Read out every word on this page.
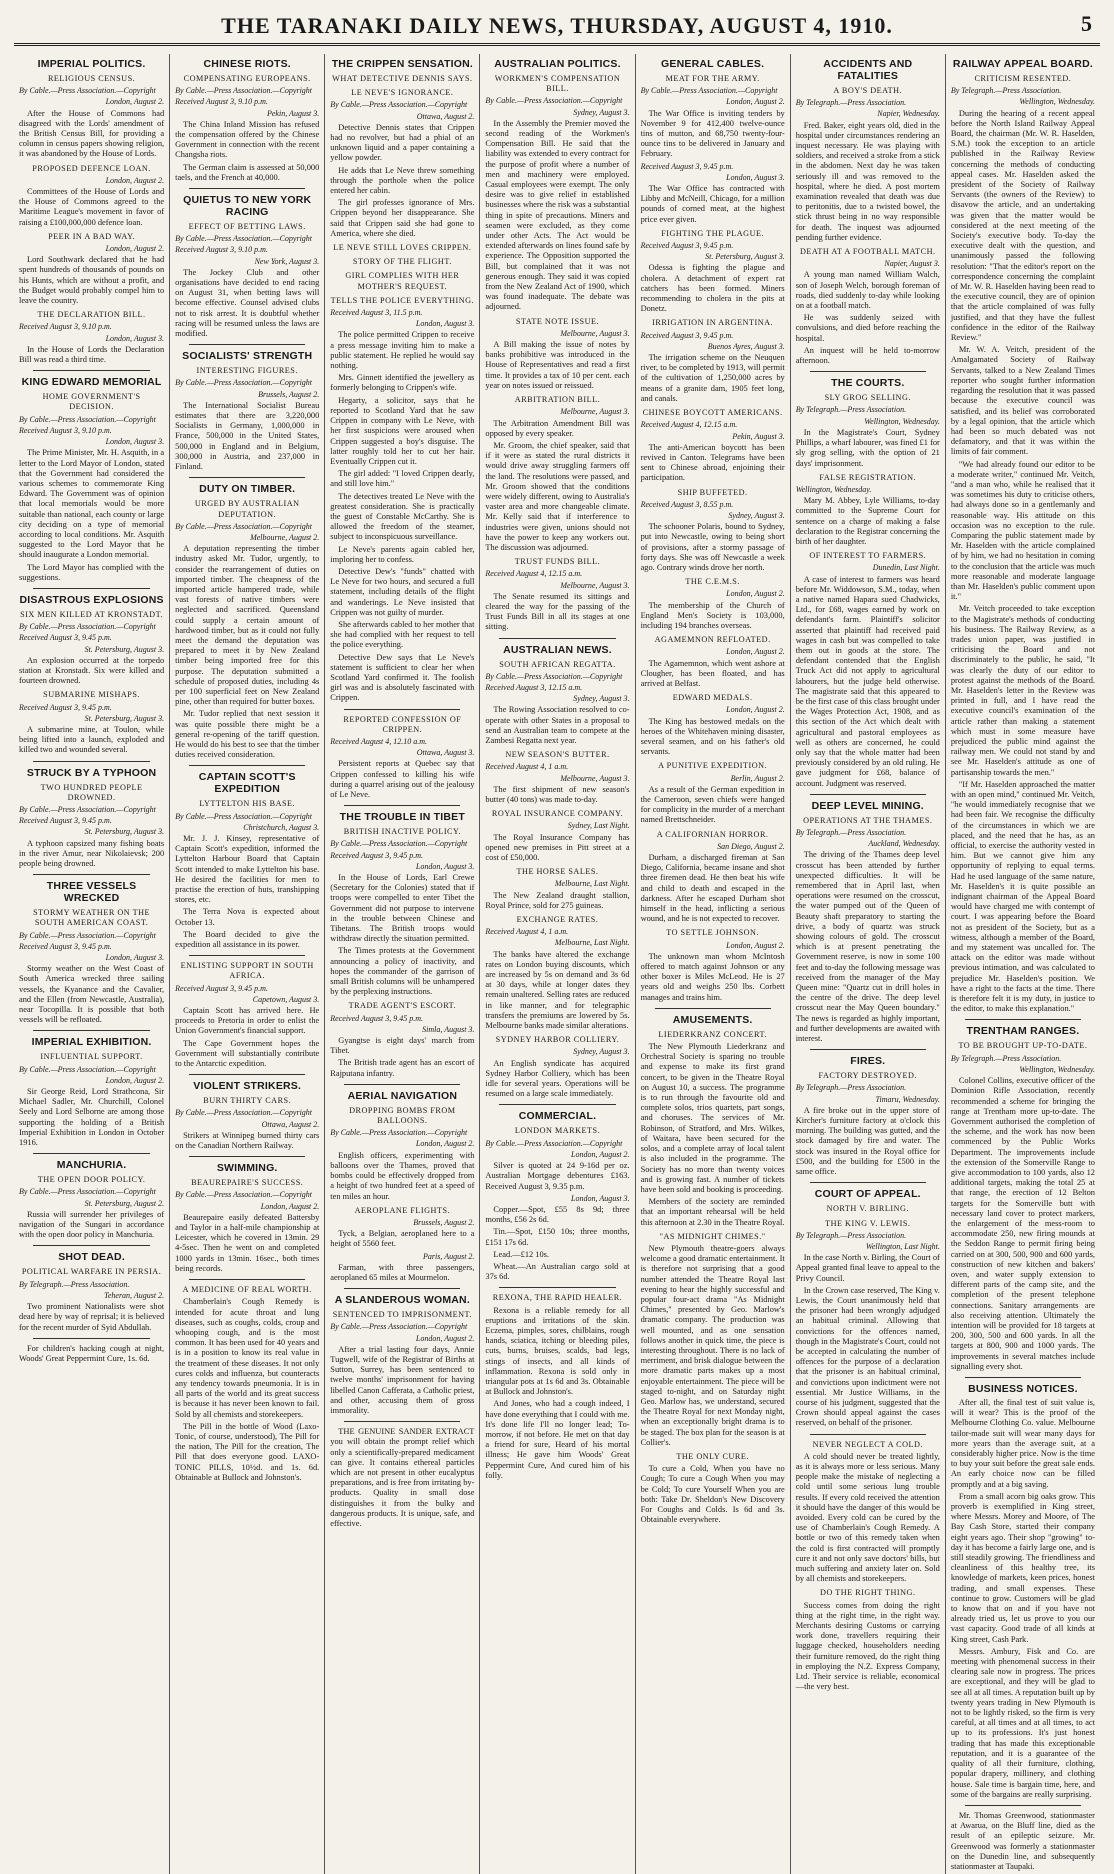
THE TARANAKI DAILY NEWS, THURSDAY, AUGUST 4, 1910.	5
IMPERIAL POLITICS.
RELIGIOUS CENSUS.
By Cable.—Press Association.—Copyright
London, August 2.
After the House of Commons had disagreed with the Lords' amendment of the British Census Bill, for providing a column in census papers showing religion, it was abandoned by the House of Lords.
PROPOSED DEFENCE LOAN.
London, August 2.
Committees of the House of Lords and the House of Commons agreed to the Maritime League's movement in favor of raising a £100,000,000 defence loan.
PEER IN A BAD WAY.
London, August 2.
Lord Southwark declared that he had spent hundreds of thousands of pounds on his Hunts, which are without a profit, and the Budget would probably compel him to leave the country.
THE DECLARATION BILL.
Received August 3, 9.10 p.m.
London, August 3.
In the House of Lords the Declaration Bill was read a third time.
KING EDWARD MEMORIAL
HOME GOVERNMENT'S DECISION.
By Cable.—Press Association.—Copyright
Received August 3, 9.10 p.m.
London, August 3.
The Prime Minister, Mr. H. Asquith, in a letter to the Lord Mayor of London, stated that the Government had considered the various schemes to commemorate King Edward. The Government was of opinion that local memorials would be more suitable than national, each county or large city deciding on a type of memorial according to local conditions. Mr. Asquith suggested to the Lord Mayor that he should inaugurate a London memorial.
The Lord Mayor has complied with the suggestions.
DISASTROUS EXPLOSIONS
SIX MEN KILLED AT KRONSTADT.
By Cable.—Press Association.—Copyright
Received August 3, 9.45 p.m.
St. Petersburg, August 3.
An explosion occurred at the torpedo station at Kronstadt. Six were killed and fourteen drowned.
SUBMARINE MISHAPS.
Received August 3, 9.45 p.m.
St. Petersburg, August 3.
A submarine mine, at Toulon, while being lifted into a launch, exploded and killed two and wounded several.
STRUCK BY A TYPHOON
TWO HUNDRED PEOPLE DROWNED.
By Cable.—Press Association.—Copyright
Received August 3, 9.45 p.m.
St. Petersburg, August 3.
A typhoon capsized many fishing boats in the river Amur, near Nikolaievsk; 200 people being drowned.
THREE VESSELS WRECKED
STORMY WEATHER ON THE SOUTH AMERICAN COAST.
By Cable.—Press Association.—Copyright
Received August 3, 9.45 p.m.
London, August 3.
Stormy weather on the West Coast of South America wrecked three sailing vessels, the Kyanance and the Cavalier, and the Ellen (from Newcastle, Australia), near Tocopilla. It is possible that both vessels will be refloated.
IMPERIAL EXHIBITION.
INFLUENTIAL SUPPORT.
By Cable.—Press Association.—Copyright
London, August 2.
Sir George Reid, Lord Strathcona, Sir Michael Sadler, Mr. Churchill, Colonel Seely and Lord Selborne are among those supporting the holding of a British Imperial Exhibition in London in October 1916.
MANCHURIA.
THE OPEN DOOR POLICY.
By Cable.—Press Association.—Copyright
St. Petersburg, August 2.
Russia will surrender her privileges of navigation of the Sungari in accordance with the open door policy in Manchuria.
SHOT DEAD.
POLITICAL WARFARE IN PERSIA.
By Telegraph.—Press Association.
Teheran, August 2.
Two prominent Nationalists were shot dead here by way of reprisal; it is believed for the recent murder of Syid Abdullah.
For children's hacking cough at night, Woods' Great Peppermint Cure, 1s. 6d.
CHINESE RIOTS.
COMPENSATING EUROPEANS.
By Cable.—Press Association.—Copyright
Received August 3, 9.10 p.m.
Pekin, August 3.
The China Inland Mission has refused the compensation offered by the Chinese Government in connection with the recent Changsha riots.
The German claim is assessed at 50,000 taels, and the French at 40,000.
QUIETUS TO NEW YORK RACING
EFFECT OF BETTING LAWS.
By Cable.—Press Association.—Copyright
Received August 3, 9.10 p.m.
New York, August 3.
The Jockey Club and other organisations have decided to end racing on August 31, when betting laws will become effective. Counsel advised clubs not to risk arrest. It is doubtful whether racing will be resumed unless the laws are modified.
SOCIALISTS' STRENGTH
INTERESTING FIGURES.
By Cable.—Press Association.—Copyright
Brussels, August 2.
The International Socialist Bureau estimates that there are 3,220,000 Socialists in Germany, 1,000,000 in France, 500,000 in the United States, 500,000 in England and in Belgium, 300,000 in Austria, and 237,000 in Finland.
DUTY ON TIMBER.
URGED BY AUSTRALIAN DEPUTATION.
By Cable.—Press Association.—Copyright
Melbourne, August 2.
A deputation representing the timber industry asked Mr. Tudor, urgently, to consider the rearrangement of duties on imported timber. The cheapness of the imported article hampered trade, while vast forests of native timbers were neglected and sacrificed. Queensland could supply a certain amount of hardwood timber, but as it could not fully meet the demand the deputation was prepared to meet it by New Zealand timber being imported free for this purpose. The deputation submitted a schedule of proposed duties, including 4s per 100 superficial feet on New Zealand pine, other than required for butter boxes.
Mr. Tudor replied that next session it was quite possible there might be a general re-opening of the tariff question. He would do his best to see that the timber duties received consideration.
CAPTAIN SCOTT'S EXPEDITION
LYTTELTON HIS BASE.
By Cable.—Press Association.—Copyright
Christchurch, August 3.
Mr. J. J. Kinsey, representative of Captain Scott's expedition, informed the Lyttelton Harbour Board that Captain Scott intended to make Lyttelton his base. He desired the facilities for men to practise the erection of huts, transhipping stores, etc.
The Terra Nova is expected about October 13.
The Board decided to give the expedition all assistance in its power.
ENLISTING SUPPORT IN SOUTH AFRICA.
Received August 3, 9.45 p.m.
Capetown, August 3.
Captain Scott has arrived here. He proceeds to Pretoria in order to enlist the Union Government's financial support.
The Cape Government hopes the Government will substantially contribute to the Antarctic expedition.
VIOLENT STRIKERS.
BURN THIRTY CARS.
By Cable.—Press Association.—Copyright
Ottawa, August 2.
Strikers at Winnipeg burned thirty cars on the Canadian Northern Railway.
SWIMMING.
BEAUREPAIRE'S SUCCESS.
By Cable.—Press Association.—Copyright
London, August 2.
Beaurepaire easily defeated Battersby and Taylor in a half-mile championship at Leicester, which he covered in 13min. 29 4-5sec. Then he went on and completed 1000 yards in 13min. 16sec., both times being records.
A MEDICINE OF REAL WORTH.
Chamberlain's Cough Remedy is intended for acute throat and lung diseases, such as coughs, colds, croup and whooping cough, and is the most common. It has been used for 40 years and is in a position to know its real value in the treatment of these diseases. It not only cures colds and influenza, but counteracts any tendency towards pneumonia. It is in all parts of the world and its great success is because it has never been known to fail. Sold by all chemists and storekeepers.
The Pill in the bottle of Wood (Laxo-Tonic, of course, understood), The Pill for the nation, The Pill for the creation, The Pill that does everyone good. LAXO-TONIC PILLS, 10½d. and 1s. 6d. Obtainable at Bullock and Johnston's.
THE CRIPPEN SENSATION.
WHAT DETECTIVE DENNIS SAYS.
LE NEVE'S IGNORANCE.
By Cable.—Press Association.—Copyright
Ottawa, August 2.
Detective Dennis states that Crippen had no revolver, but had a phial of an unknown liquid and a paper containing a yellow powder.
He adds that Le Neve threw something through the porthole when the police entered her cabin.
The girl professes ignorance of Mrs. Crippen beyond her disappearance. She said that Crippen said she had gone to America, where she died.
LE NEVE STILL LOVES CRIPPEN.
STORY OF THE FLIGHT.
GIRL COMPLIES WITH HER MOTHER'S REQUEST.
TELLS THE POLICE EVERYTHING.
Received August 3, 11.5 p.m.
London, August 3.
The police permitted Crippen to receive a press message inviting him to make a public statement. He replied he would say nothing.
Mrs. Ginnett identified the jewellery as formerly belonging to Crippen's wife.
Hegarty, a solicitor, says that he reported to Scotland Yard that he saw Crippen in company with Le Neve, with her first suspicions were aroused when Crippen suggested a boy's disguise. The latter roughly told her to cut her hair. Eventually Crippen cut it.
The girl added: "I loved Crippen dearly, and still love him."
The detectives treated Le Neve with the greatest consideration. She is practically the guest of Constable McCarthy. She is allowed the freedom of the steamer, subject to inconspicuous surveillance.
Le Neve's parents again cabled her, imploring her to confess.
Detective Dew's "funds" chatted with Le Neve for two hours, and secured a full statement, including details of the flight and wanderings. Le Neve insisted that Crippen was not guilty of murder.
She afterwards cabled to her mother that she had complied with her request to tell the police everything.
Detective Dew says that Le Neve's statement is sufficient to clear her when Scotland Yard confirmed it. The foolish girl was and is absolutely fascinated with Crippen.
REPORTED CONFESSION OF CRIPPEN.
Received August 4, 12.10 a.m.
Ottawa, August 3.
Persistent reports at Quebec say that Crippen confessed to killing his wife during a quarrel arising out of the jealousy of Le Neve.
THE TROUBLE IN TIBET
BRITISH INACTIVE POLICY.
By Cable.—Press Association.—Copyright
Received August 3, 9.45 p.m.
London, August 3.
In the House of Lords, Earl Crewe (Secretary for the Colonies) stated that if troops were compelled to enter Tibet the Government did not purpose to intervene in the trouble between Chinese and Tibetans. The British troops would withdraw directly the situation permitted.
The Times protests at the Government announcing a policy of inactivity, and hopes the commander of the garrison of small British columns will be unhampered by the perplexing instructions.
TRADE AGENT'S ESCORT.
Received August 3, 9.45 p.m.
Simla, August 3.
Gyangtse is eight days' march from Tibet.
The British trade agent has an escort of Rajputana infantry.
AERIAL NAVIGATION
DROPPING BOMBS FROM BALLOONS.
By Cable.—Press Association.—Copyright
London, August 2.
English officers, experimenting with balloons over the Thames, proved that bombs could be effectively dropped from a height of two hundred feet at a speed of ten miles an hour.
AEROPLANE FLIGHTS.
Brussels, August 2.
Tyck, a Belgian, aeroplaned here to a height of 5560 feet.
Paris, August 2.
Farman, with three passengers, aeroplaned 65 miles at Mourmelon.
A SLANDEROUS WOMAN.
SENTENCED TO IMPRISONMENT.
By Cable.—Press Association.—Copyright
London, August 2.
After a trial lasting four days, Annie Tugwell, wife of the Registrar of Births at Sutton, Surrey, has been sentenced to twelve months' imprisonment for having libelled Canon Cafferata, a Catholic priest, and other, accusing them of gross immorality.
THE GENUINE SANDER EXTRACT you will obtain the prompt relief which only a scientifically-prepared medicament can give. It contains ethereal particles which are not present in other eucalyptus preparations, and is free from irritating by-products. Quality in small dose distinguishes it from the bulky and dangerous products. It is unique, safe, and effective.
AUSTRALIAN POLITICS.
WORKMEN'S COMPENSATION BILL.
By Cable.—Press Association.—Copyright
Sydney, August 3.
In the Assembly the Premier moved the second reading of the Workmen's Compensation Bill. He said that the liability was extended to every contract for the purpose of profit where a number of men and machinery were employed. Casual employees were exempt. The only desire was to give relief in established businesses where the risk was a substantial thing in spite of precautions. Miners and seamen were excluded, as they come under other Acts. The Act would be extended afterwards on lines found safe by experience. The Opposition supported the Bill, but complained that it was not generous enough. They said it was copied from the New Zealand Act of 1900, which was found inadequate. The debate was adjourned.
STATE NOTE ISSUE.
Melbourne, August 3.
A Bill making the issue of notes by banks prohibitive was introduced in the House of Representatives and read a first time. It provides a tax of 10 per cent. each year on notes issued or reissued.
ARBITRATION BILL.
Melbourne, August 3.
The Arbitration Amendment Bill was opposed by every speaker.
Mr. Groom, the chief speaker, said that if it were as stated the rural districts it would drive away struggling farmers off the land. The resolutions were passed, and Mr. Groom showed that the conditions were widely different, owing to Australia's vaster area and more changeable climate. Mr. Kelly said that if interference to industries were given, unions should not have the power to keep any workers out. The discussion was adjourned.
TRUST FUNDS BILL.
Received August 4, 12.15 a.m.
Melbourne, August 3.
The Senate resumed its sittings and cleared the way for the passing of the Trust Funds Bill in all its stages at one sitting.
AUSTRALIAN NEWS.
SOUTH AFRICAN REGATTA.
By Cable.—Press Association.—Copyright
Received August 3, 12.15 a.m.
Sydney, August 3.
The Rowing Association resolved to co-operate with other States in a proposal to send an Australian team to compete at the Zambesi Regatta next year.
NEW SEASON'S BUTTER.
Received August 4, 1 a.m.
Melbourne, August 3.
The first shipment of new season's butter (40 tons) was made to-day.
ROYAL INSURANCE COMPANY.
Sydney, Last Night.
The Royal Insurance Company has opened new premises in Pitt street at a cost of £50,000.
THE HORSE SALES.
Melbourne, Last Night.
The New Zealand draught stallion, Royal Prince, sold for 275 guineas.
EXCHANGE RATES.
Received August 4, 1 a.m.
Melbourne, Last Night.
The banks have altered the exchange rates on London buying discounts, which are increased by 5s on demand and 3s 6d at 30 days, while at longer dates they remain unaltered. Selling rates are reduced in like manner, and for telegraphic transfers the premiums are lowered by 5s. Melbourne banks made similar alterations.
SYDNEY HARBOR COLLIERY.
Sydney, August 3.
An English syndicate has acquired Sydney Harbor Colliery, which has been idle for several years. Operations will be resumed on a large scale immediately.
COMMERCIAL.
LONDON MARKETS.
By Cable.—Press Association.—Copyright
London, August 2.
Silver is quoted at 24 9-16d per oz. Australian Mortgage debentures £163. Received August 3, 9.35 p.m.
London, August 3.
Copper.—Spot, £55 8s 9d; three months, £56 2s 6d.
Tin.—Spot, £150 10s; three months, £151 17s 6d.
Lead.—£12 10s.
Wheat.—An Australian cargo sold at 37s 6d.
REXONA, THE RAPID HEALER.
Rexona is a reliable remedy for all eruptions and irritations of the skin. Eczema, pimples, sores, chilblains, rough hands, sciatica, itching or bleeding piles, cuts, burns, bruises, scalds, bad legs, stings of insects, and all kinds of inflammation. Rexona is sold only in triangular pots at 1s 6d and 3s. Obtainable at Bullock and Johnston's.
And Jones, who had a cough indeed, I have done everything that I could with me. It's done life I'll no longer lead; To-morrow, if not before. He met on that day a friend for sure, Heard of his mortal illness; He gave him Woods' Great Peppermint Cure, And cured him of his folly.
GENERAL CABLES.
MEAT FOR THE ARMY.
By Cable.—Press Association.—Copyright
London, August 2.
The War Office is inviting tenders by November 9 for 412,400 twelve-ounce tins of mutton, and 68,750 twenty-four-ounce tins to be delivered in January and February.
Received August 3, 9.45 p.m.
London, August 3.
The War Office has contracted with Libby and McNeill, Chicago, for a million pounds of corned meat, at the highest price ever given.
FIGHTING THE PLAGUE.
Received August 3, 9.45 p.m.
St. Petersburg, August 3.
Odessa is fighting the plague and cholera. A detachment of expert rat catchers has been formed. Miners recommending to cholera in the pits at Donetz.
IRRIGATION IN ARGENTINA.
Received August 3, 9.45 p.m.
Buenos Ayres, August 3.
The irrigation scheme on the Neuquen river, to be completed by 1913, will permit of the cultivation of 1,250,000 acres by means of a granite dam, 1905 feet long, and canals.
CHINESE BOYCOTT AMERICANS.
Received August 4, 12.15 a.m.
Pekin, August 3.
The anti-American boycott has been revived in Canton. Telegrams have been sent to Chinese abroad, enjoining their participation.
SHIP BUFFETED.
Received August 3, 8.55 p.m.
Sydney, August 3.
The schooner Polaris, bound to Sydney, put into Newcastle, owing to being short of provisions, after a stormy passage of forty days. She was off Newcastle a week ago. Contrary winds drove her north.
THE C.E.M.S.
London, August 2.
The membership of the Church of England Men's Society is 103,000, including 194 branches overseas.
AGAMEMNON REFLOATED.
London, August 2.
The Agamemnon, which went ashore at Clougher, has been floated, and has arrived at Belfast.
EDWARD MEDALS.
London, August 2.
The King has bestowed medals on the heroes of the Whitehaven mining disaster, several seamen, and on his father's old servants.
A PUNITIVE EXPEDITION.
Berlin, August 2.
As a result of the German expedition in the Cameroon, seven chiefs were hanged for complicity in the murder of a merchant named Brettschneider.
A CALIFORNIAN HORROR.
San Diego, August 2.
Durham, a discharged fireman at San Diego, California, became insane and shot three firemen dead. He then beat his wife and child to death and escaped in the darkness. After he escaped Durham shot himself in the head, inflicting a serious wound, and he is not expected to recover.
TO SETTLE JOHNSON.
London, August 2.
The unknown man whom McIntosh offered to match against Johnson or any other boxer is Miles McLeod. He is 27 years old and weighs 250 lbs. Corbett manages and trains him.
AMUSEMENTS.
LIEDERKRANZ CONCERT.
The New Plymouth Liederkranz and Orchestral Society is sparing no trouble and expense to make its first grand concert, to be given in the Theatre Royal on August 10, a success. The programme is to run through the favourite old and complete solos, trios quartets, part songs, and choruses. The services of Mr. Robinson, of Stratford, and Mrs. Wilkes, of Waitara, have been secured for the solos, and a complete array of local talent is also included in the programme. The Society has no more than twenty voices and is growing fast. A number of tickets have been sold and booking is proceeding.
Members of the society are reminded that an important rehearsal will be held this afternoon at 2.30 in the Theatre Royal.
"AS MIDNIGHT CHIMES."
New Plymouth theatre-goers always welcome a good dramatic entertainment. It is therefore not surprising that a good number attended the Theatre Royal last evening to hear the highly successful and popular four-act drama "As Midnight Chimes," presented by Geo. Marlow's dramatic company. The production was well mounted, and as one sensation follows another in quick time, the piece is interesting throughout. There is no lack of merriment, and brisk dialogue between the more dramatic parts makes up a most enjoyable entertainment. The piece will be staged to-night, and on Saturday night Geo. Marlow has, we understand, secured the Theatre Royal for next Monday night, when an exceptionally bright drama is to be staged. The box plan for the season is at Collier's.
THE ONLY CURE.
To cure a Cold, When you have no Cough; To cure a Cough When you may be Cold; To cure Yourself When you are both: Take Dr. Sheldon's New Discovery For Coughs and Colds. Is 6d and 3s. Obtainable everywhere.
ACCIDENTS AND FATALITIES
A BOY'S DEATH.
By Telegraph.—Press Association.
Napier, Wednesday.
Fred. Baker, eight years old, died in the hospital under circumstances rendering an inquest necessary. He was playing with soldiers, and received a stroke from a stick in the abdomen. Next day he was taken seriously ill and was removed to the hospital, where he died. A post mortem examination revealed that death was due to peritonitis, due to a twisted bowel, the stick thrust being in no way responsible for death. The inquest was adjourned pending further evidence.
DEATH AT A FOOTBALL MATCH.
Napier, August 3.
A young man named William Walch, son of Joseph Welch, borough foreman of roads, died suddenly to-day while looking on at a football match.
He was suddenly seized with convulsions, and died before reaching the hospital.
An inquest will be held to-morrow afternoon.
THE COURTS.
SLY GROG SELLING.
By Telegraph.—Press Association.
Wellington, Wednesday.
In the Magistrate's Court, Sydney Phillips, a wharf labourer, was fined £1 for sly grog selling, with the option of 21 days' imprisonment.
FALSE REGISTRATION.
Wellington, Wednesday.
Mary M. Abbey, Lyle Williams, to-day committed to the Supreme Court for sentence on a charge of making a false declaration to the Registrar concerning the birth of her daughter.
OF INTEREST TO FARMERS.
Dunedin, Last Night.
A case of interest to farmers was heard before Mr. Widdowson, S.M., today, when a native named Hapara sued Chadwicks, Ltd., for £68, wages earned by work on defendant's farm. Plaintiff's solicitor asserted that plaintiff had received paid wages in cash but was compelled to take them out in goods at the store. The defendant contended that the English Truck Act did not apply to agricultural labourers, but the judge held otherwise. The magistrate said that this appeared to be the first case of this class brought under the Wages Protection Act, 1908, and as this section of the Act which dealt with agricultural and pastoral employees as well as others are concerned, he could only say that the whole matter had been previously considered by an old ruling. He gave judgment for £68, balance of account. Judgment was reserved.
DEEP LEVEL MINING.
OPERATIONS AT THE THAMES.
By Telegraph.—Press Association.
Auckland, Wednesday.
The driving of the Thames deep level crosscut has been attended by further unexpected difficulties. It will be remembered that in April last, when operations were resumed on the crosscut, the water pumped out of the Queen of Beauty shaft preparatory to starting the drive, a body of quartz was struck showing colours of gold. The crosscut which is at present penetrating the Government reserve, is now in some 100 feet and to-day the following message was received from the manager of the May Queen mine: "Quartz cut in drill holes in the centre of the drive. The deep level crosscut near the May Queen boundary." The news is regarded as highly important, and further developments are awaited with interest.
FIRES.
FACTORY DESTROYED.
By Telegraph.—Press Association.
Timaru, Wednesday.
A fire broke out in the upper store of Kircher's furniture factory at o'clock this morning. The building was gutted, and the stock damaged by fire and water. The stock was insured in the Royal office for £500, and the building for £500 in the same office.
COURT OF APPEAL.
NORTH V. BIRLING.
THE KING V. LEWIS.
By Telegraph.—Press Association.
Wellington, Last Night.
In the case North v. Birling, the Court of Appeal granted final leave to appeal to the Privy Council.
In the Crown case reserved, The King v. Lewis, the Court unanimously held that the prisoner had been wrongly adjudged an habitual criminal. Allowing that convictions for the offences named, though in the Magistrate's Court, could not be accepted in calculating the number of offences for the purpose of a declaration that the prisoner is an habitual criminal, and convictions upon indictment were not essential. Mr Justice Williams, in the course of his judgment, suggested that the Crown should appeal against the cases reserved, on behalf of the prisoner.
NEVER NEGLECT A COLD.
A cold should never be treated lightly, as it is always more or less serious. Many people make the mistake of neglecting a cold until some serious lung trouble results. If every cold received the attention it should have the danger of this would be avoided. Every cold can be cured by the use of Chamberlain's Cough Remedy. A bottle or two of this remedy taken when the cold is first contracted will promptly cure it and not only save doctors' bills, but much suffering and anxiety later on. Sold by all chemists and storekeepers.
DO THE RIGHT THING.
Success comes from doing the right thing at the right time, in the right way. Merchants desiring Customs or carrying work done, travellers requiring their luggage checked, householders needing their furniture removed, do the right thing in employing the N.Z. Express Company, Ltd. Their service is reliable, economical—the very best.
RAILWAY APPEAL BOARD.
CRITICISM RESENTED.
By Telegraph.—Press Association.
Wellington, Wednesday.
During the hearing of a recent appeal before the North Island Railway Appeal Board, the chairman (Mr. W. R. Haselden, S.M.) took the exception to an article published in the Railway Review concerning the methods of conducting appeal cases. Mr. Haselden asked the president of the Society of Railway Servants (the owners of the Review) to disavow the article, and an undertaking was given that the matter would be considered at the next meeting of the Society's executive body. To-day the executive dealt with the question, and unanimously passed the following resolution: "That the editor's report on the correspondence concerning the complaint of Mr. W. R. Haselden having been read to the executive council, they are of opinion that the article complained of was fully justified, and that they have the fullest confidence in the editor of the Railway Review."
Mr. W. A. Veitch, president of the Amalgamated Society of Railway Servants, talked to a New Zealand Times reporter who sought further information regarding the resolution that it was passed because the executive council was satisfied, and its belief was corroborated by a legal opinion, that the article which had been so much debated was not defamatory, and that it was within the limits of fair comment.
"We had already found our editor to be a moderate writer," continued Mr. Veitch, "and a man who, while he realised that it was sometimes his duty to criticise others, had always done so in a gentlemanly and reasonable way. His attitude on this occasion was no exception to the rule. Comparing the public statement made by Mr. Haselden with the article complained of by him, we had no hesitation in coming to the conclusion that the article was much more reasonable and moderate language than Mr. Haselden's public comment upon it."
Mr. Veitch proceeded to take exception to the Magistrate's methods of conducting his business. The Railway Review, as a trades union paper, was justified in criticising the Board and not discriminately to the public, he said, "It was clearly the duty of our editor to protest against the methods of the Board. Mr. Haselden's letter in the Review was printed in full, and I have read the executive council's examination of the article rather than making a statement which must in some measure have prejudiced the public mind against the railway men. We could not stand by and see Mr. Haselden's attitude as one of partisanship towards the men."
"If Mr. Haselden approached the matter with an open mind," continued Mr. Veitch, "he would immediately recognise that we had been fair. We recognise the difficulty of the circumstances in which we are placed, and the need that he has, as an official, to exercise the authority vested in him. But we cannot give him any opportunity of replying to equal terms. Had he used language of the same nature, Mr. Haselden's it is quite possible an indignant chairman of the Appeal Board would have charged me with contempt of court. I was appearing before the Board not as president of the Society, but as a witness, although a member of the Board, and my statement was uncalled for. The attack on the editor was made without previous intimation, and was calculated to prejudice Mr. Haselden's position. We have a right to the facts at the time. There is therefore felt it is my duty, in justice to the editor, to make this explanation."
TRENTHAM RANGES.
TO BE BROUGHT UP-TO-DATE.
By Telegraph.—Press Association.
Wellington, Wednesday.
Colonel Collins, executive officer of the Dominion Rifle Association, recently recommended a scheme for bringing the range at Trentham more up-to-date. The Government authorised the completion of the scheme, and the work has now been commenced by the Public Works Department. The improvements include the extension of the Somerville Range to give accommodation to 100 yards, also 12 additional targets, making the total 25 at that range, the erection of 12 Belton targets for the Somerville butt with necessary land cover to protect markers, the enlargement of the mess-room to accommodate 250, new firing mounds at the Seddon Range to permit firing being carried on at 300, 500, 900 and 600 yards, construction of new kitchen and bakers' oven, and water supply extension to different parts of the camp site, and the completion of the present telephone connections. Sanitary arrangements are also receiving attention. Ultimately the intention will be provided for 18 targets at 200, 300, 500 and 600 yards. In all the targets at 800, 900 and 1000 yards. The improvements in several matches include signalling every shot.
BUSINESS NOTICES.
After all, the final test of suit value is, will it wear? This is the proof of the Melbourne Clothing Co. value. Melbourne tailor-made suit will wear many days for more years than the average suit, at a considerably higher price. Now is the time to buy your suit before the great sale ends. An early choice now can be filled promptly and at a big saving.
From a small acorn big oaks grow. This proverb is exemplified in King street, where Messrs. Morey and Moore, of The Bay Cash Store, started their company eight years ago. Their shop "growing" to-day it has become a fairly large one, and is still steadily growing. The friendliness and cleanliness of this healthy tree, its knowledge of markets, keen prices, honest trading, and small expenses. These continue to grow. Customers will be glad to know that on and if you have not already tried us, let us prove to you our vast capacity. Good trade of all kinds at King street, Cash Park.
Messrs. Ambury, Fisk and Co. are meeting with phenomenal success in their clearing sale now in progress. The prices are exceptional, and they will be glad to see all at all times. A reputation built up by twenty years trading in New Plymouth is not to be lightly risked, so the firm is very careful, at all times and at all times, to act up to its professions. It's just honest trading that has made this exceptionable reputation, and it is a guarantee of the quality of all their furniture, clothing, popular drapery, millinery, and clothing house. Sale time is bargain time, here, and some of the bargains are really surprising.
Mr. Thomas Greenwood, stationmaster at Awarua, on the Bluff line, died as the result of an epileptic seizure. Mr. Greenwood was formerly a stationmaster on the Dunedin line, and subsequently stationmaster at Taupaki.
